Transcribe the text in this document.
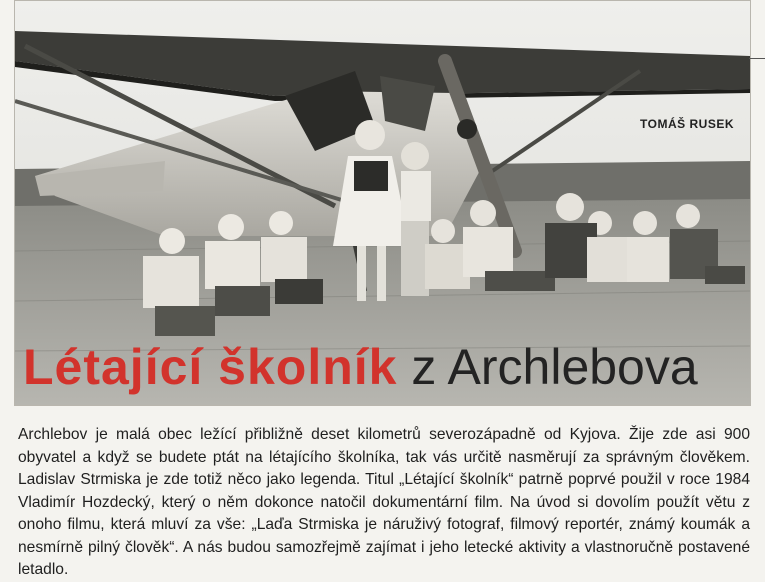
TOMÁŠ RUSEK
Létající školník z Archlebova
Archlebov je malá obec ležící přibližně deset kilometrů severozápadně od Kyjova. Žije zde asi 900 obyvatel a když se budete ptát na létajícího školníka, tak vás určitě nasměrují za správným člověkem. Ladislav Strmiska je zde totiž něco jako legenda. Titul „Létající školník“ patrně poprvé použil v roce 1984 Vladimír Hozdecký, který o něm dokonce natočil dokumentární film. Na úvod si dovolím použít větu z onoho filmu, která mluví za vše: „Laďa Strmiska je náruživý fotograf, filmový reportér, známý koumák a nesmírně pilný člověk“. A nás budou samozřejmě zajímat i jeho letecké aktivity a vlastnoručně postavené letadlo.
